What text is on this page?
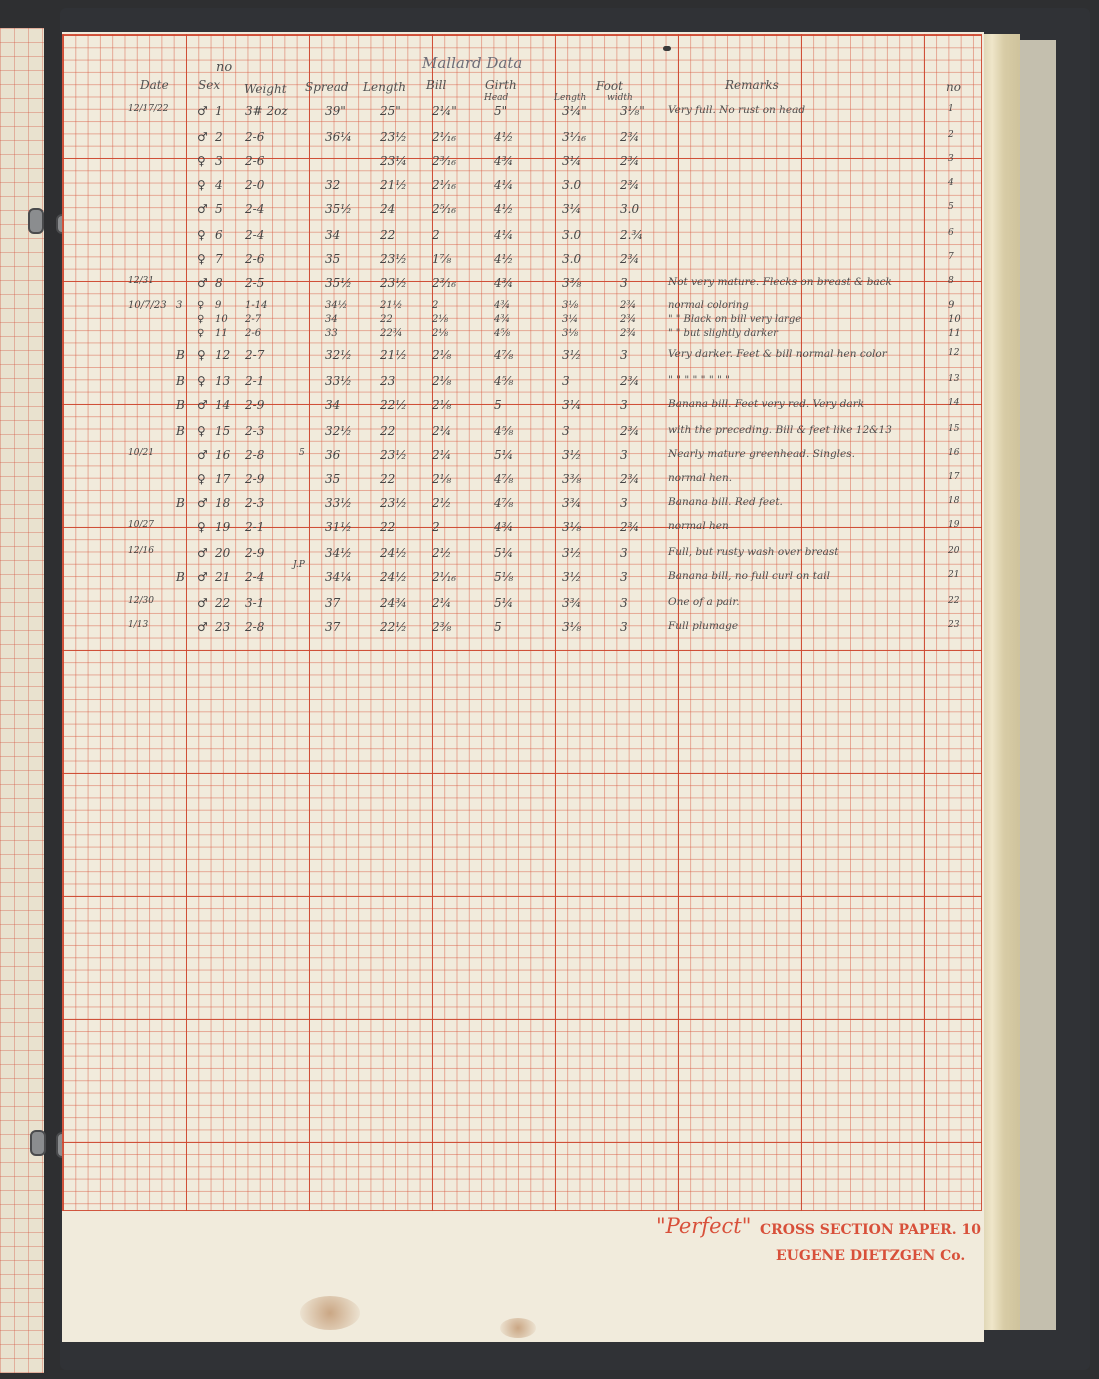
Mallard Data
Date Sex
no
Weight Spread Length Bill	Girth
Head
Foot
Length width
Remarks	no
12/17/22 ♂ 1 3# 2oz	39"	25"	2¼"	5"	3¼"	3⅛" Very full. No rust on head	1
♂ 2 2-6	36¼ 23½ 2¹⁄₁₆	4½	3¹⁄₁₆	2¾	2
♀ 3 2-6	23¼ 2³⁄₁₆	4¾	3¼	2¾	3
♀ 4 2-0	32	21½ 2¹⁄₁₆	4¼	3.0	2¾	4
♂ 5 2-4	35½ 24	2⁵⁄₁₆	4½	3¼	3.0	5
♀ 6 2-4	34	22	2	4¼	3.0	2.¾	6
♀ 7 2-6	35	23½ 1⅞	4½	3.0	2¾	7
12/31	♂ 8 2-5	35½ 23½ 2³⁄₁₆	4¾	3⅜	3	Not very mature. Flecks on breast & back	8
10/7/23 3 ♀ 9 1-14	34½	21½	2	4¾	3⅛	2¾	normal coloring	9
♀ 10 2-7	34	22	2⅛	4¾	3¼	2¾	" " Black on bill very large	10
♀ 11 2-6	33	22¾	2⅛	4⅝	3⅛	2¾	" " but slightly darker	11
B ♀ 12 2-7	32½ 21½ 2⅛	4⅞	3½	3	Very darker. Feet & bill normal hen color	12
B ♀ 13 2-1	33½ 23	2⅛	4⅝	3	2¾	" " " " " " " "	13
B ♂ 14 2-9	34	22½ 2⅛	5	3¼	3	Banana bill. Feet very red. Very dark	14
B ♀ 15 2-3	32½ 22	2¼	4⅝	3	2¾	with the preceding. Bill & feet like 12&13	15
10/21	♂ 16 2-8	36	23½ 2¼	5¼	3½	3	Nearly mature greenhead. Singles.	16
♀ 17 2-9	35	22	2⅛	4⅞	3⅜	2¾	normal hen.	17
B ♂ 18 2-3	33½ 23½ 2½	4⅞	3¾	3	Banana bill. Red feet.	18
10/27	♀ 19 2-1	31½ 22	2	4¾	3⅛	2¾	normal hen	19
12/16	♂ 20 2-9	34½ 24½ 2½	5¼	3½	3	Full, but rusty wash over breast	20
B ♂ 21 2-4	34¼ 24½ 2¹⁄₁₆	5⅛	3½	3	Banana bill, no full curl on tail	21
12/30	♂ 22 3-1	37	24¾ 2¼	5¼	3¾	3	One of a pair.	22
1/13	♂ 23 2-8	37	22½ 2⅜	5	3⅛	3	Full plumage	23
J.P
5
"Perfect" CROSS SECTION PAPER. 10
EUGENE DIETZGEN Co.
